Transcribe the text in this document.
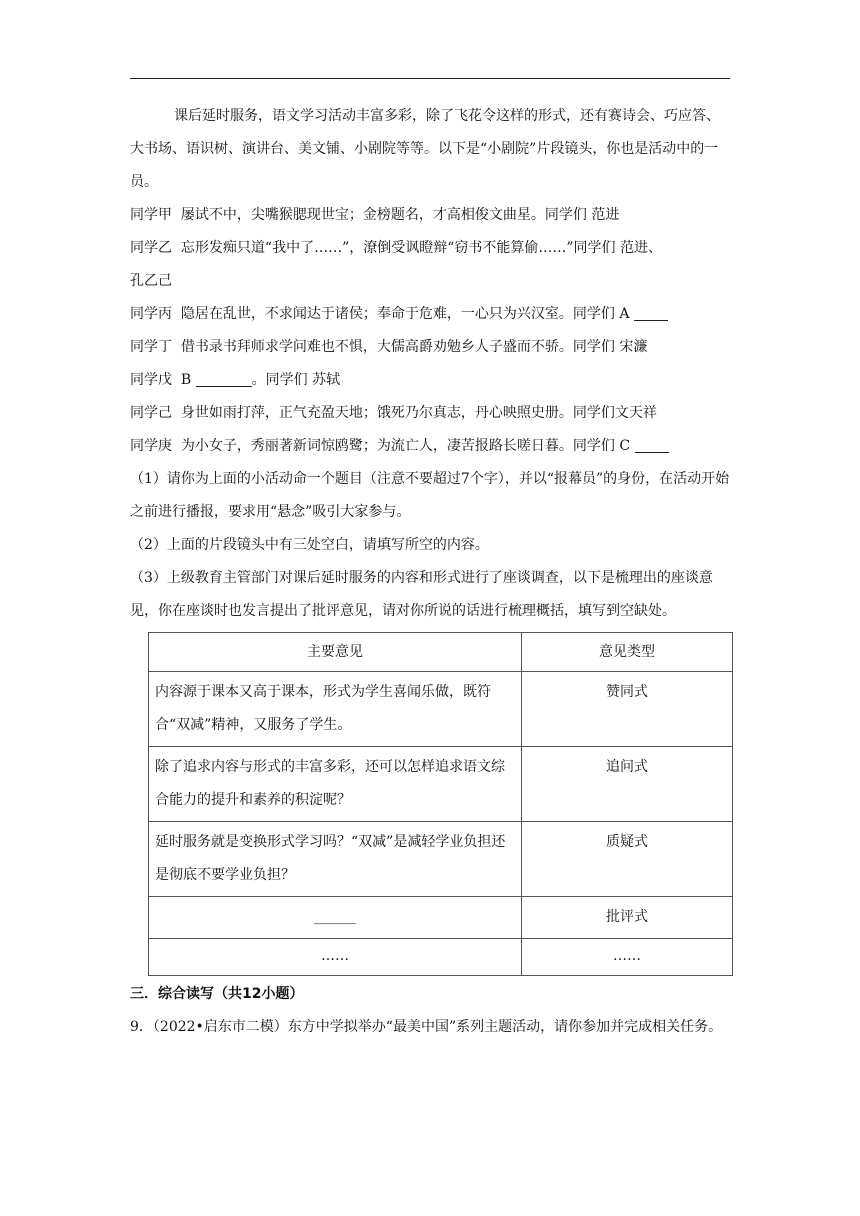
课后延时服务，语文学习活动丰富多彩，除了飞花令这样的形式，还有赛诗会、巧应答、大书场、语识树、演讲台、美文铺、小剧院等等。以下是“小剧院”片段镜头，你也是活动中的一员。

同学甲 屡试不中，尖嘴猴腮现世宝；金榜题名，才高相俊文曲星。同学们 范进
同学乙 忘形发痴只道“我中了……”，潦倒受讽瞪辩“窃书不能算偷……”同学们 范进、
孔乙己
同学丙 隐居在乱世，不求闻达于诸侯；奉命于危难，一心只为兴汉室。同学们 A
同学丁 借书录书拜师求学问难也不惧，大儒高爵劝勉乡人子盛而不骄。同学们 宋濂
同学戊 B	。同学们 苏轼
同学己 身世如雨打萍，正气充盈天地；饿死乃尔真志，丹心映照史册。同学们文天祥
同学庚 为小女子，秀丽著新词惊鸥鹭；为流亡人，凄苦报路长嗟日暮。同学们 C

（1）请你为上面的小活动命一个题目（注意不要超过7个字），并以“报幕员”的身份，在活动开始之前进行播报，要求用“悬念”吸引大家参与。

（2）上面的片段镜头中有三处空白，请填写所空的内容。

（3）上级教育主管部门对课后延时服务的内容和形式进行了座谈调查，以下是梳理出的座谈意见，你在座谈时也发言提出了批评意见，请对你所说的话进行梳理概括，填写到空缺处。

主要意见	意见类型

内容源于课本又高于课本，形式为学生喜闻乐做，既符合“双减”精神，又服务了学生。	赞同式

除了追求内容与形式的丰富多彩，还可以怎样追求语文综合能力的提升和素养的积淀呢？	追问式

延时服务就是变换形式学习吗？“双减”是减轻学业负担还是彻底不要学业负担？	质疑式

______	批评式

……	……

三．综合读写（共12小题）

9．（2022•启东市二模）东方中学拟举办“最美中国”系列主题活动，请你参加并完成相关任务。
